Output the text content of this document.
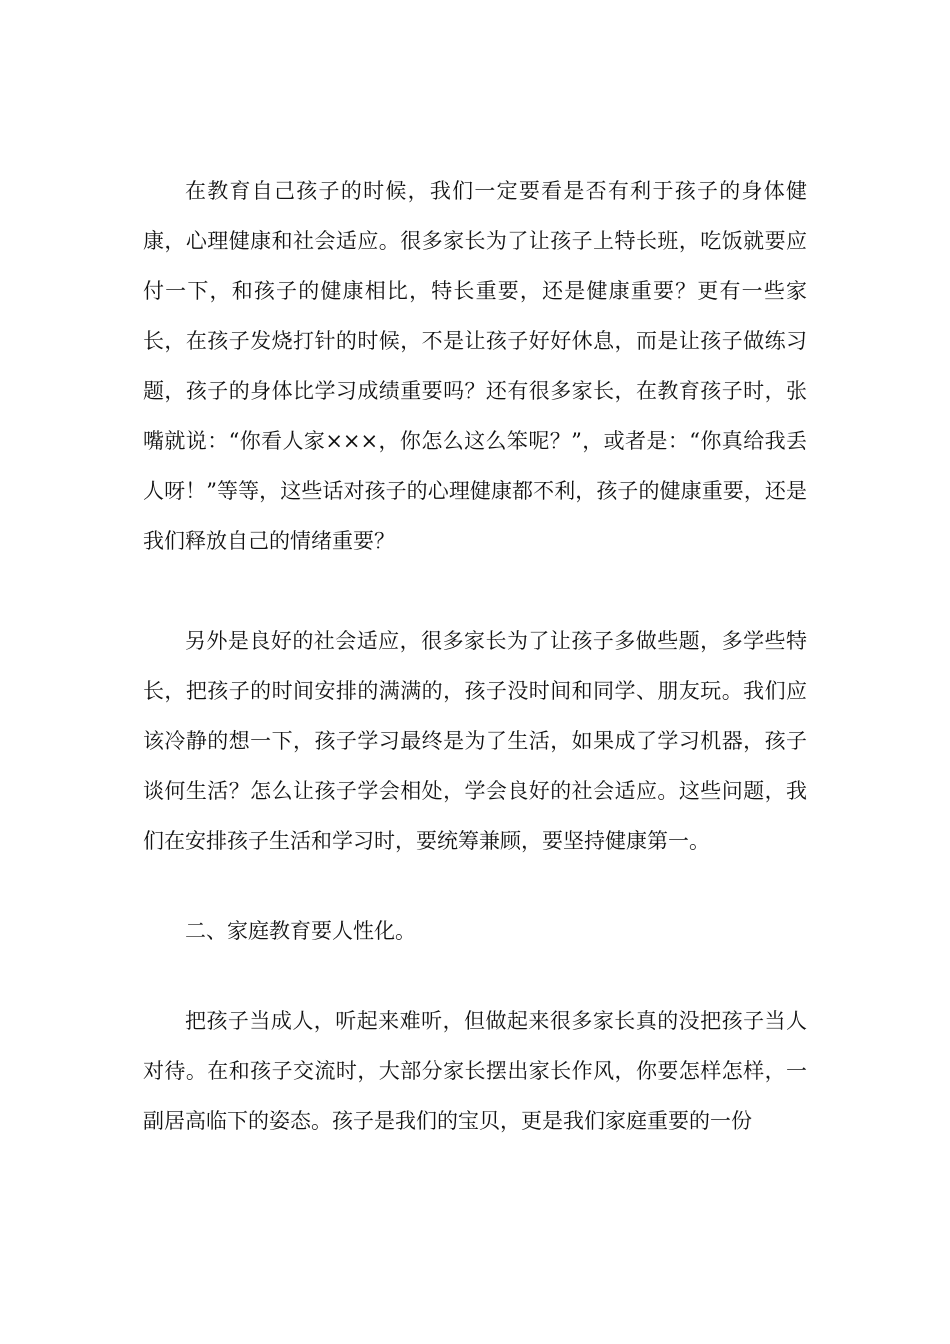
在教育自己孩子的时候，我们一定要看是否有利于孩子的身体健康，心理健康和社会适应。很多家长为了让孩子上特长班，吃饭就要应付一下，和孩子的健康相比，特长重要，还是健康重要？更有一些家长，在孩子发烧打针的时候，不是让孩子好好休息，而是让孩子做练习题，孩子的身体比学习成绩重要吗？还有很多家长，在教育孩子时，张嘴就说：“你看人家×××，你怎么这么笨呢？”，或者是：“你真给我丢人呀！”等等，这些话对孩子的心理健康都不利，孩子的健康重要，还是我们释放自己的情绪重要？

另外是良好的社会适应，很多家长为了让孩子多做些题，多学些特长，把孩子的时间安排的满满的，孩子没时间和同学、朋友玩。我们应该冷静的想一下，孩子学习最终是为了生活，如果成了学习机器，孩子谈何生活？怎么让孩子学会相处，学会良好的社会适应。这些问题，我们在安排孩子生活和学习时，要统筹兼顾，要坚持健康第一。

二、家庭教育要人性化。

把孩子当成人，听起来难听，但做起来很多家长真的没把孩子当人对待。在和孩子交流时，大部分家长摆出家长作风，你要怎样怎样，一副居高临下的姿态。孩子是我们的宝贝，更是我们家庭重要的一份
